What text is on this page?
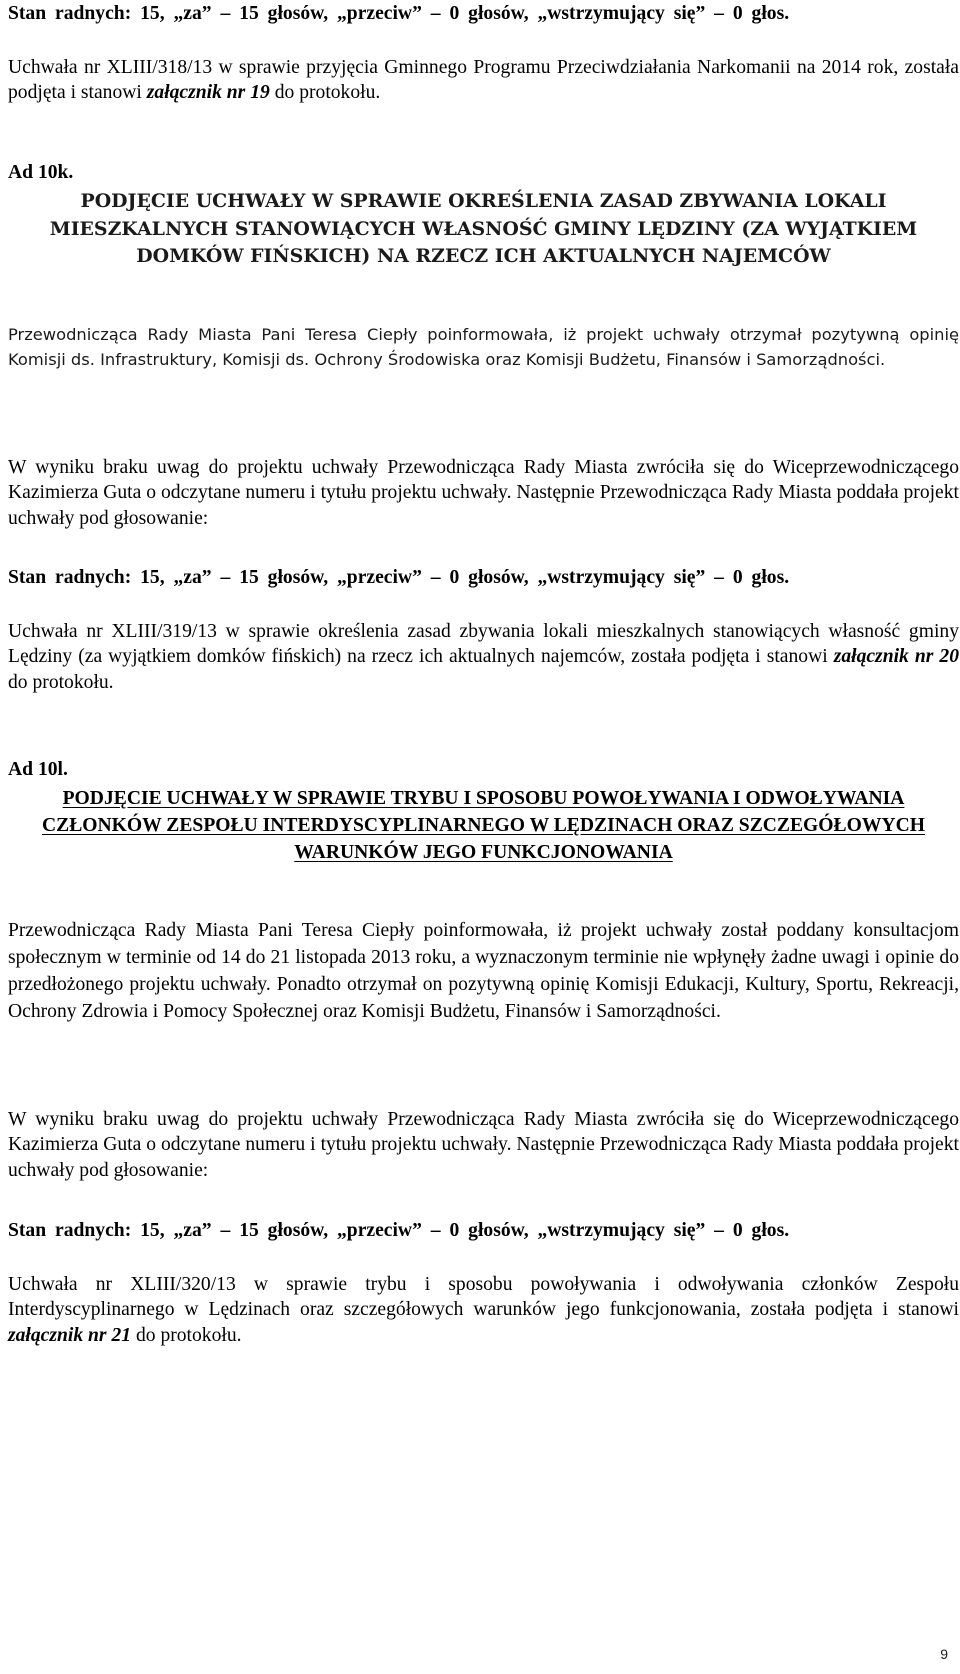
Stan radnych: 15, „za” – 15 głosów, „przeciw” – 0 głosów, „wstrzymujący się” – 0 głos.

Uchwała nr XLIII/318/13 w sprawie przyjęcia Gminnego Programu Przeciwdziałania Narkomanii na 2014 rok, została podjęta i stanowi załącznik nr 19 do protokołu.

Ad 10k.

PODJĘCIE UCHWAŁY W SPRAWIE OKREŚLENIA ZASAD ZBYWANIA LOKALI MIESZKALNYCH STANOWIĄCYCH WŁASNOŚĆ GMINY LĘDZINY (ZA WYJĄTKIEM DOMKÓW FIŃSKICH) NA RZECZ ICH AKTUALNYCH NAJEMCÓW

Przewodnicząca Rady Miasta Pani Teresa Ciepły poinformowała, iż projekt uchwały otrzymał pozytywną opinię Komisji ds. Infrastruktury, Komisji ds. Ochrony Środowiska oraz Komisji Budżetu, Finansów i Samorządności.

W wyniku braku uwag do projektu uchwały Przewodnicząca Rady Miasta zwróciła się do Wiceprzewodniczącego Kazimierza Guta o odczytane numeru i tytułu projektu uchwały. Następnie Przewodnicząca Rady Miasta poddała projekt uchwały pod głosowanie:

Stan radnych: 15, „za” – 15 głosów, „przeciw” – 0 głosów, „wstrzymujący się” – 0 głos.

Uchwała nr XLIII/319/13 w sprawie określenia zasad zbywania lokali mieszkalnych stanowiących własność gminy Lędziny (za wyjątkiem domków fińskich) na rzecz ich aktualnych najemców, została podjęta i stanowi załącznik nr 20 do protokołu.

Ad 10l.

PODJĘCIE UCHWAŁY W SPRAWIE TRYBU I SPOSOBU POWOŁYWANIA I ODWOŁYWANIA CZŁONKÓW ZESPOŁU INTERDYSCYPLINARNEGO W LĘDZINACH ORAZ SZCZEGÓŁOWYCH WARUNKÓW JEGO FUNKCJONOWANIA

Przewodnicząca Rady Miasta Pani Teresa Ciepły poinformowała, iż projekt uchwały został poddany konsultacjom społecznym w terminie od 14 do 21 listopada 2013 roku, a wyznaczonym terminie nie wpłynęły żadne uwagi i opinie do przedłożonego projektu uchwały. Ponadto otrzymał on pozytywną opinię Komisji Edukacji, Kultury, Sportu, Rekreacji, Ochrony Zdrowia i Pomocy Społecznej oraz Komisji Budżetu, Finansów i Samorządności.

W wyniku braku uwag do projektu uchwały Przewodnicząca Rady Miasta zwróciła się do Wiceprzewodniczącego Kazimierza Guta o odczytane numeru i tytułu projektu uchwały. Następnie Przewodnicząca Rady Miasta poddała projekt uchwały pod głosowanie:

Stan radnych: 15, „za” – 15 głosów, „przeciw” – 0 głosów, „wstrzymujący się” – 0 głos.

Uchwała nr XLIII/320/13 w sprawie trybu i sposobu powoływania i odwoływania członków Zespołu Interdyscyplinarnego w Lędzinach oraz szczegółowych warunków jego funkcjonowania, została podjęta i stanowi załącznik nr 21 do protokołu.

9
